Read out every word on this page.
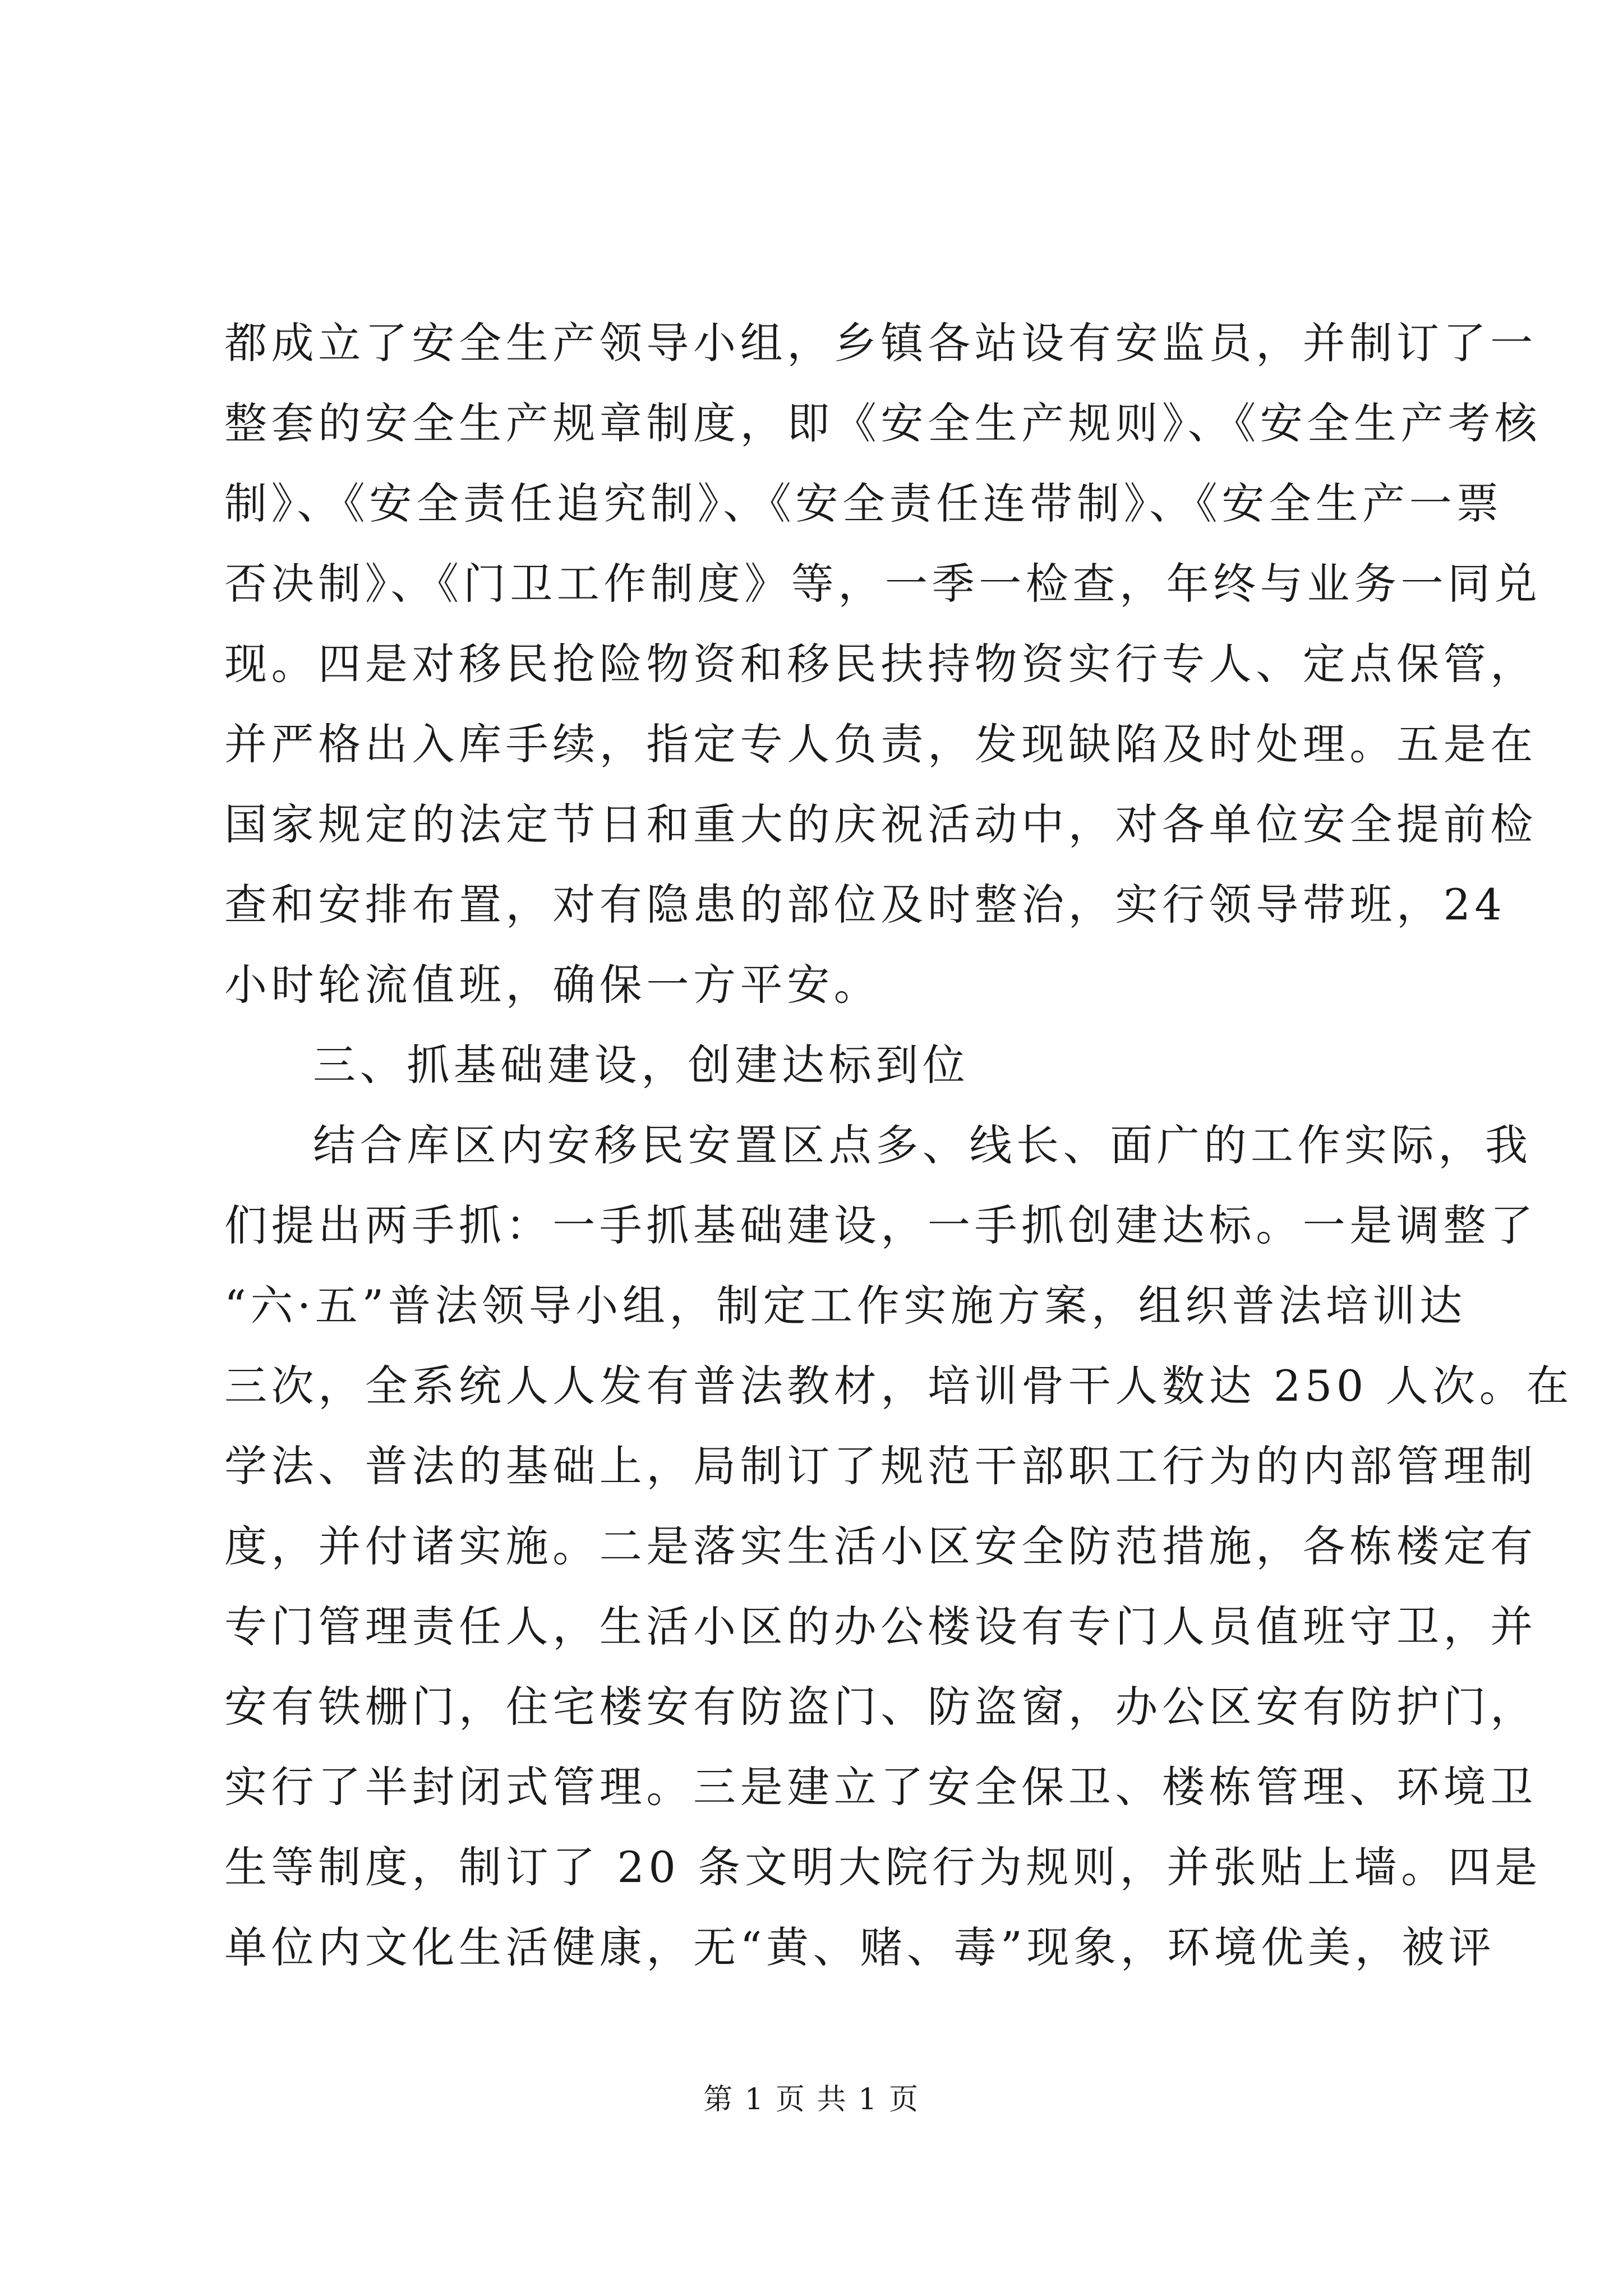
都成立了安全生产领导小组，乡镇各站设有安监员，并制订了一
整套的安全生产规章制度，即《安全生产规则》、《安全生产考核
制》、《安全责任追究制》、《安全责任连带制》、《安全生产一票
否决制》、《门卫工作制度》等，一季一检查，年终与业务一同兑
现。四是对移民抢险物资和移民扶持物资实行专人、定点保管，
并严格出入库手续，指定专人负责，发现缺陷及时处理。五是在
国家规定的法定节日和重大的庆祝活动中，对各单位安全提前检
查和安排布置，对有隐患的部位及时整治，实行领导带班，24
小时轮流值班，确保一方平安。
三、抓基础建设，创建达标到位
结合库区内安移民安置区点多、线长、面广的工作实际，我
们提出两手抓：一手抓基础建设，一手抓创建达标。一是调整了
“六·五”普法领导小组，制定工作实施方案，组织普法培训达
三次，全系统人人发有普法教材，培训骨干人数达 250 人次。在
学法、普法的基础上，局制订了规范干部职工行为的内部管理制
度，并付诸实施。二是落实生活小区安全防范措施，各栋楼定有
专门管理责任人，生活小区的办公楼设有专门人员值班守卫，并
安有铁栅门，住宅楼安有防盗门、防盗窗，办公区安有防护门，
实行了半封闭式管理。三是建立了安全保卫、楼栋管理、环境卫
生等制度，制订了 20 条文明大院行为规则，并张贴上墙。四是
单位内文化生活健康，无“黄、赌、毒”现象，环境优美，被评
第 1 页 共 1 页
